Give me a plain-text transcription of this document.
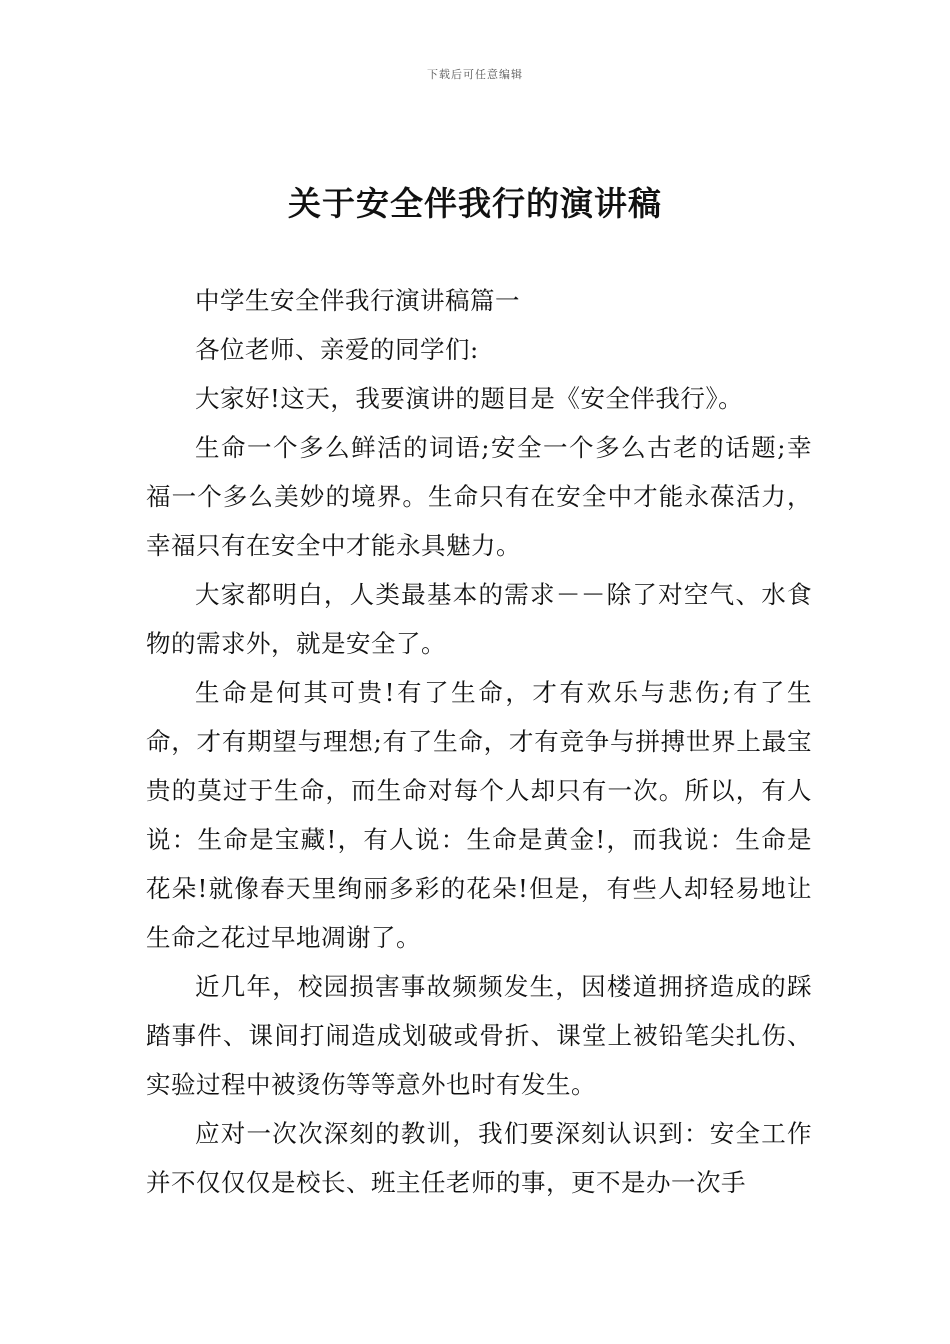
下载后可任意编辑
关于安全伴我行的演讲稿

中学生安全伴我行演讲稿篇一

各位老师、亲爱的同学们:

大家好!这天，我要演讲的题目是《安全伴我行》。

生命一个多么鲜活的词语;安全一个多么古老的话题;幸福一个多么美妙的境界。生命只有在安全中才能永葆活力，幸福只有在安全中才能永具魅力。

大家都明白，人类最基本的需求－－除了对空气、水食物的需求外，就是安全了。

生命是何其可贵!有了生命，才有欢乐与悲伤;有了生命，才有期望与理想;有了生命，才有竞争与拼搏世界上最宝贵的莫过于生命，而生命对每个人却只有一次。所以，有人说：生命是宝藏!，有人说：生命是黄金!，而我说：生命是花朵!就像春天里绚丽多彩的花朵!但是，有些人却轻易地让生命之花过早地凋谢了。

近几年，校园损害事故频频发生，因楼道拥挤造成的踩踏事件、课间打闹造成划破或骨折、课堂上被铅笔尖扎伤、实验过程中被烫伤等等意外也时有发生。

应对一次次深刻的教训，我们要深刻认识到：安全工作并不仅仅仅是校长、班主任老师的事，更不是办一次手
